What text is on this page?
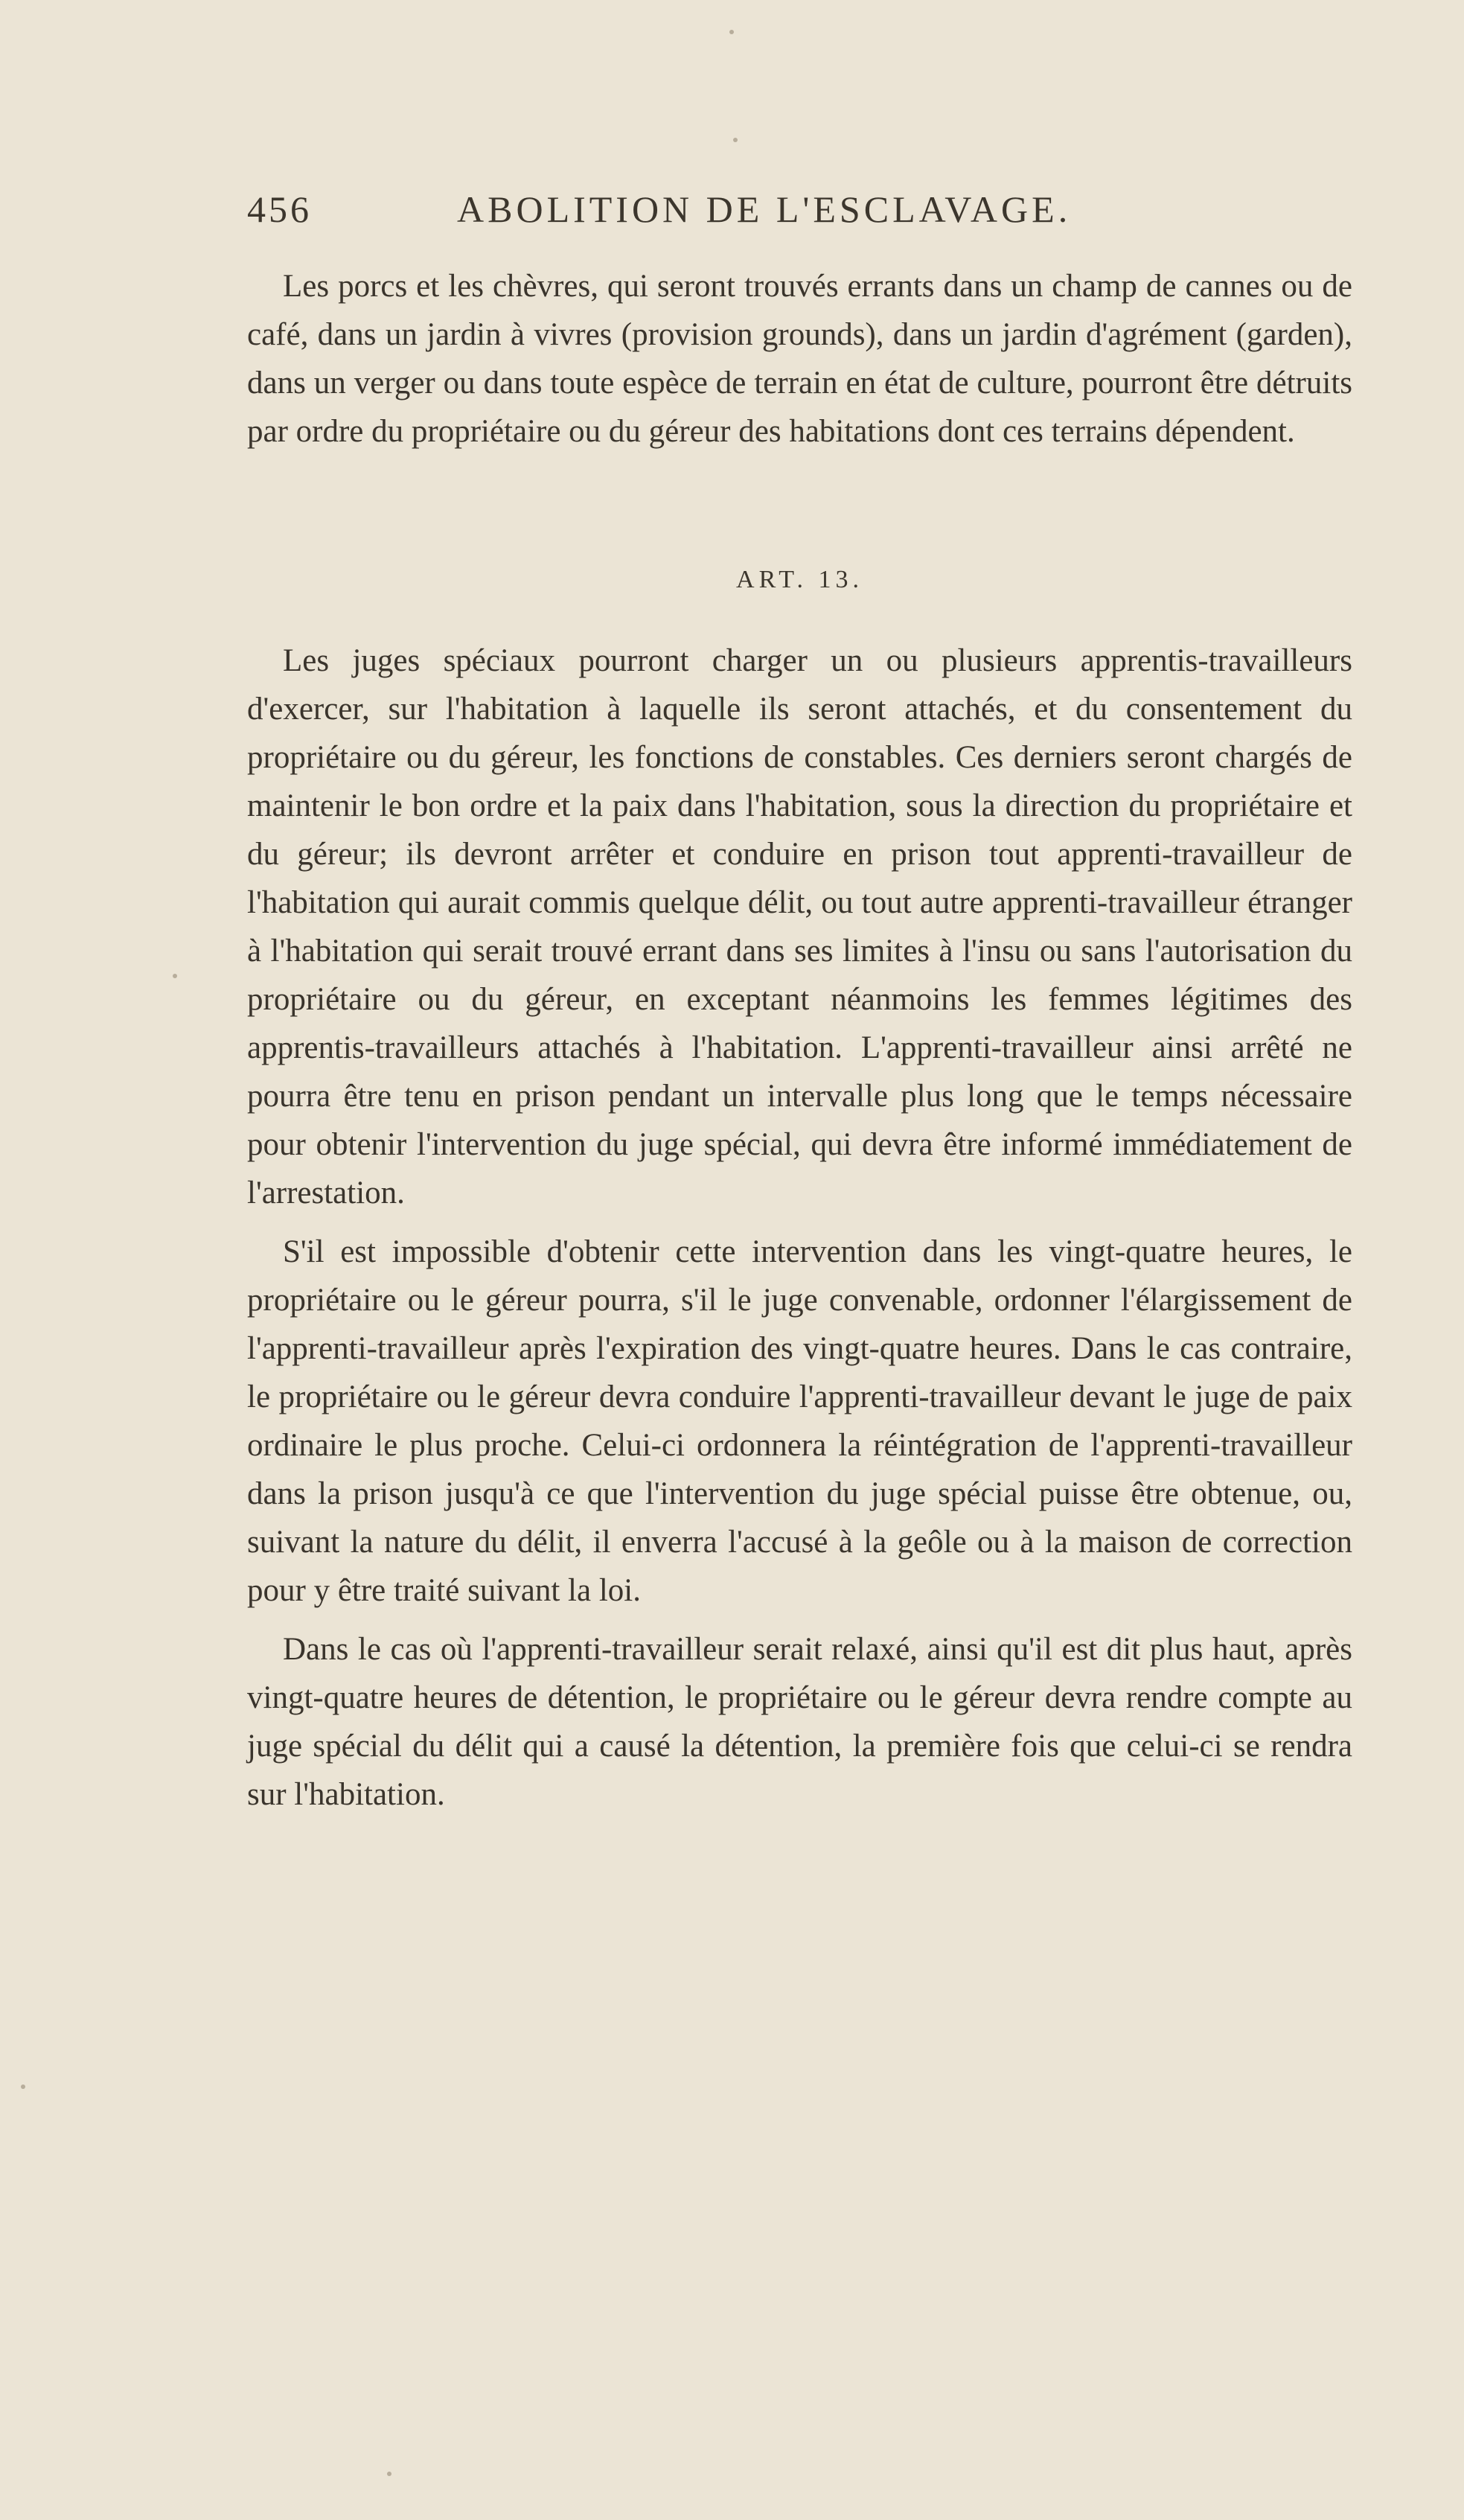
456	ABOLITION DE L'ESCLAVAGE.

Les porcs et les chèvres, qui seront trouvés errants dans un champ de cannes ou de café, dans un jardin à vivres (provision grounds), dans un jardin d'agrément (garden), dans un verger ou dans toute espèce de terrain en état de culture, pourront être détruits par ordre du propriétaire ou du géreur des habitations dont ces terrains dépendent.

ART. 13.

Les juges spéciaux pourront charger un ou plusieurs apprentis-travailleurs d'exercer, sur l'habitation à laquelle ils seront attachés, et du consentement du propriétaire ou du géreur, les fonctions de constables. Ces derniers seront chargés de maintenir le bon ordre et la paix dans l'habitation, sous la direction du propriétaire et du géreur; ils devront arrêter et conduire en prison tout apprenti-travailleur de l'habitation qui aurait commis quelque délit, ou tout autre apprenti-travailleur étranger à l'habitation qui serait trouvé errant dans ses limites à l'insu ou sans l'autorisation du propriétaire ou du géreur, en exceptant néanmoins les femmes légitimes des apprentis-travailleurs attachés à l'habitation. L'apprenti-travailleur ainsi arrêté ne pourra être tenu en prison pendant un intervalle plus long que le temps nécessaire pour obtenir l'intervention du juge spécial, qui devra être informé immédiatement de l'arrestation.

S'il est impossible d'obtenir cette intervention dans les vingt-quatre heures, le propriétaire ou le géreur pourra, s'il le juge convenable, ordonner l'élargissement de l'apprenti-travailleur après l'expiration des vingt-quatre heures. Dans le cas contraire, le propriétaire ou le géreur devra conduire l'apprenti-travailleur devant le juge de paix ordinaire le plus proche. Celui-ci ordonnera la réintégration de l'apprenti-travailleur dans la prison jusqu'à ce que l'intervention du juge spécial puisse être obtenue, ou, suivant la nature du délit, il enverra l'accusé à la geôle ou à la maison de correction pour y être traité suivant la loi.

Dans le cas où l'apprenti-travailleur serait relaxé, ainsi qu'il est dit plus haut, après vingt-quatre heures de détention, le propriétaire ou le géreur devra rendre compte au juge spécial du délit qui a causé la détention, la première fois que celui-ci se rendra sur l'habitation.
